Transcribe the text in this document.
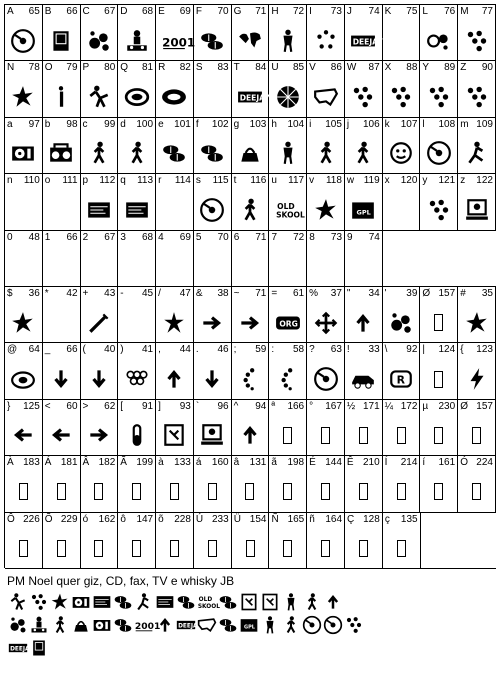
A 65 B 66 C 67 D 68 E 69
2001
F 70 G 71 H 72 I 73 J 74
DEEJAY
K 75 L 76 M 77
N 78 O 79 P 80 Q 81 R 82 S 83 T 84
DEEJAY
U 85 V 86 W 87 X 88 Y 89 Z 90
a 97 b 98 c 99 d 100 e 101 f 102 g 103 h 104 i 105 j 106 k 107 l 108 m 109
n 110 o 111 p 112 q 113 r 114 s 115 t 116 u 117
OLD
SKOOL
v 118 w 119
GPL
x 120 y 121 z 122
0 48 1 66 2 67 3 68 4 69 5 70 6 71 7 72 8 73 9 74
$ 36 * 42 + 43 - 45 / 47 & 38 ~ 71 = 61
ORG
% 37 " 34 ' 39 Ø 157 # 35
@ 64 _ 66 ( 40 ) 41 , 44 . 46 ; 59 : 58 ? 63 ! 33 \ 92
R
| 124 { 123
} 125 < 60 > 62 [ 91 ] 93 ` 96 ^ 94 ª 166 ° 167 ½ 171 ¼ 172 µ 230 Ø 157
À 183 Á 181 Â 182 Ã 199 à 133 á 160 â 131 ã 198 É 144 Ê 210 Í 214 í 161 Ó 224
Ô 226 Õ 229 ó 162 ô 147 õ 228 Ú 233 Ü 154 Ñ 165 ñ 164 Ç 128 ç 135
PM Noel quer giz, CD, fax, TV e whisky JB
OLD
SKOOL
2001	DEEJAY	GPL
DEEJAY
